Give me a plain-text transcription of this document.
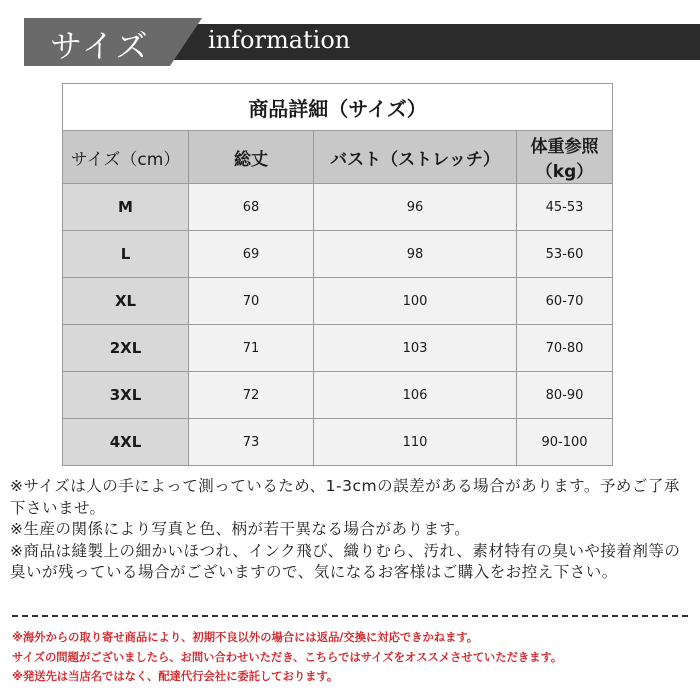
サイズ information
商品詳細（サイズ）			
サイズ（cm）	総丈	バスト（ストレッチ）	体重参照
（kg）

M	68	96	45-53
L	69	98	53-60
XL	70	100	60-70
2XL	71	103	70-80
3XL	72	106	80-90
4XL	73	110	90-100

※サイズは人の手によって測っているため、1-3cmの誤差がある場合があります。予めご了承下さいませ。

※生産の関係により写真と色、柄が若干異なる場合があります。

※商品は縫製上の細かいほつれ、インク飛び、織りむら、汚れ、素材特有の臭いや接着剤等の臭いが残っている場合がございますので、気になるお客様はご購入をお控え下さい。

※海外からの取り寄せ商品により、初期不良以外の場合には返品/交換に対応できかねます。

サイズの問題がございましたら、お問い合わせいただき、こちらではサイズをオススメさせていただきます。

※発送先は当店名ではなく、配達代行会社に委託しております。
